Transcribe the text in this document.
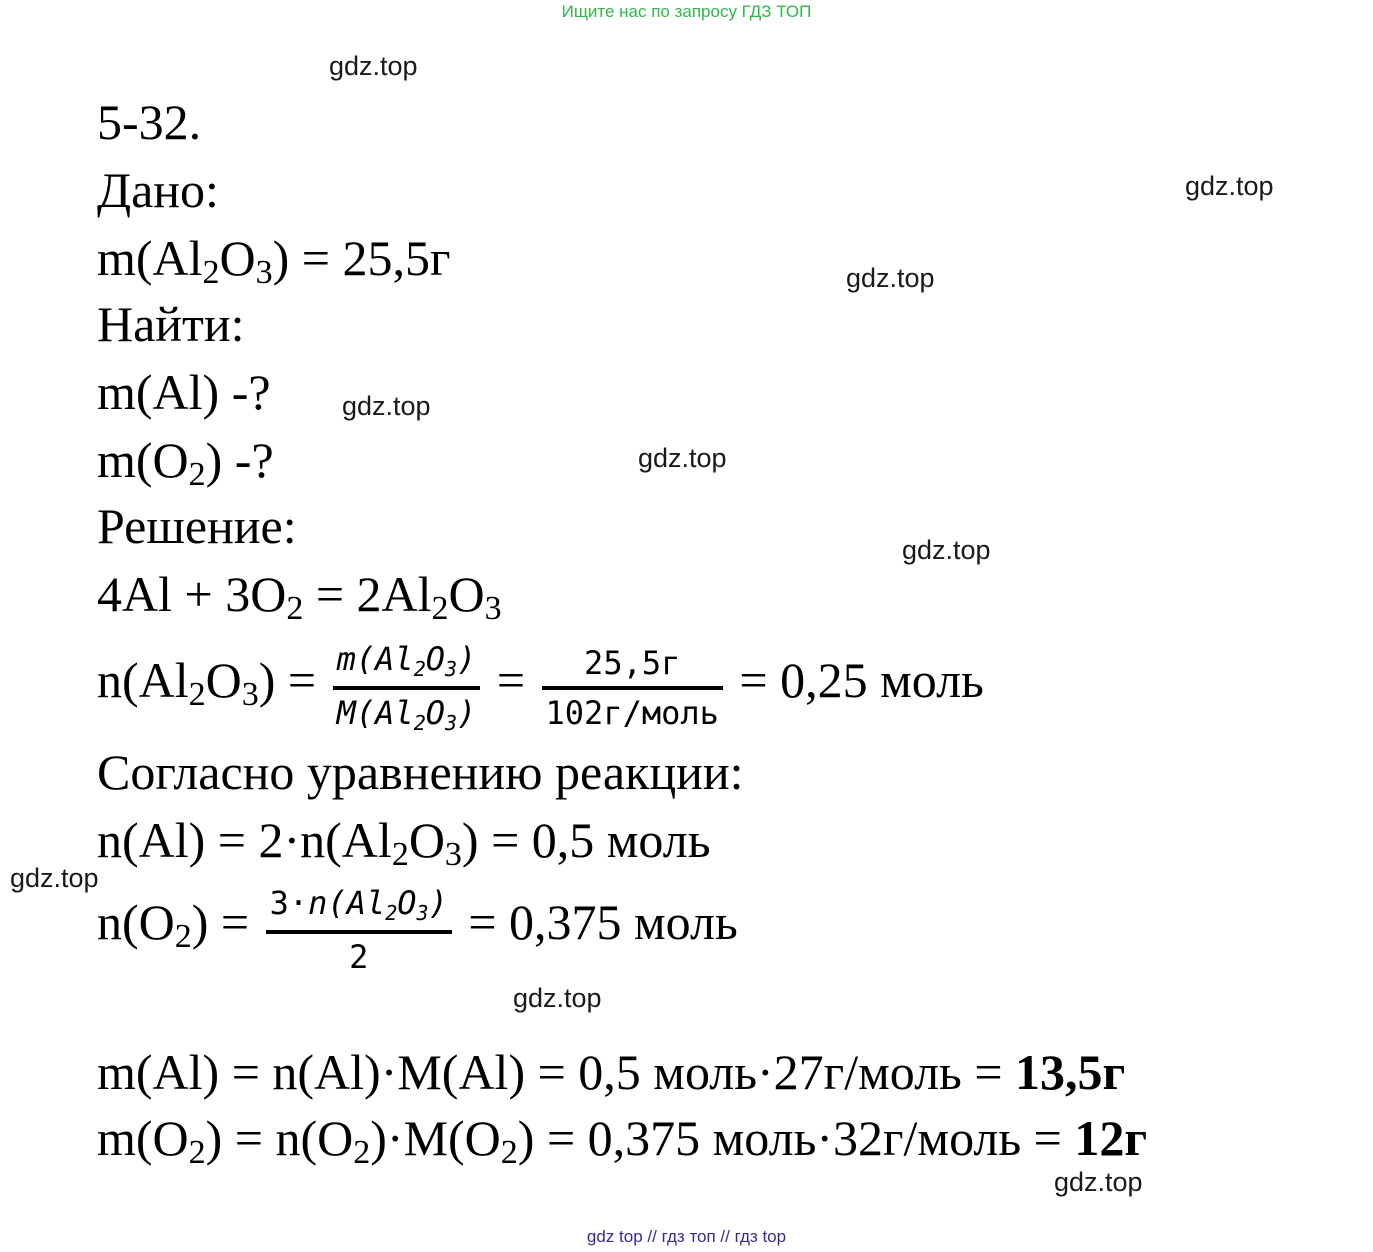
Ищите нас по запросу ГДЗ ТОП
gdz.top
gdz.top
gdz.top
gdz.top
gdz.top
gdz.top
gdz.top
gdz.top
gdz.top
5-32.
Дано:
m(Al2O3) = 25,5г
Найти:
m(Al) -?
m(O2) -?
Решение:
4Al + 3O2 = 2Al2O3
$n(Al2O3) = \frac{m(Al2O3)}{M(Al2O3)} = \frac{25,5г}{\text{102г/моль}} = 0,25$ моль
Согласно уравнению реакции:
n(Al) = 2·n(Al2O3) = 0,5 моль
$n(O2) = \frac{3\cdot n(Al2O3)}{2} = 0,375$ моль
m(Al) = n(Al)·M(Al) = 0,5 моль·27г/моль = 13,5г
m(O2) = n(O2)·M(O2) = 0,375 моль·32г/моль = 12г
gdz top // гдз топ // гдз top
